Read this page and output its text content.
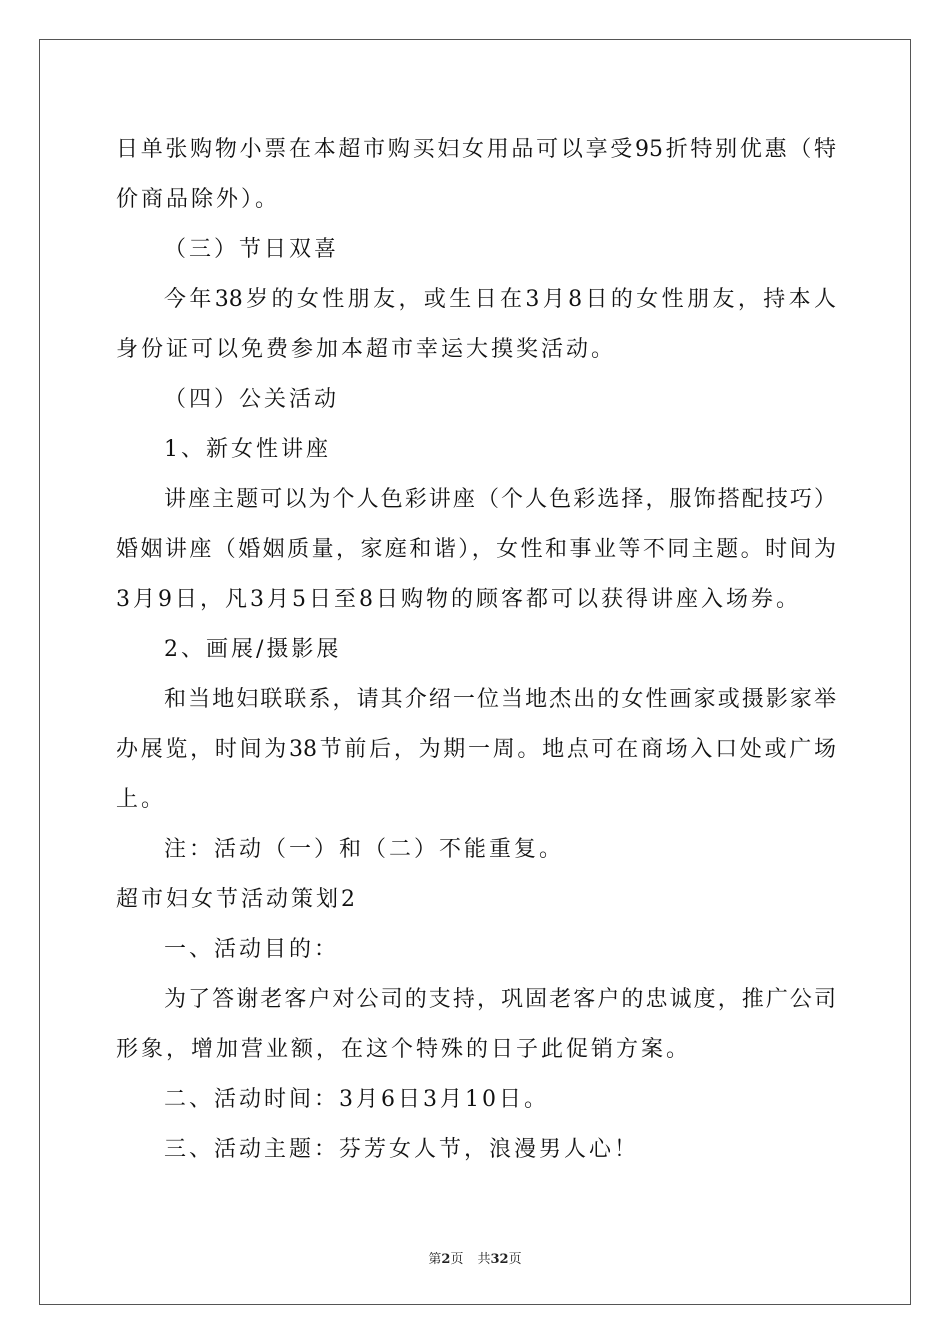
日单张购物小票在本超市购买妇女用品可以享受95折特别优惠（特
价商品除外）。
（三）节日双喜
今年38岁的女性朋友，或生日在3月8日的女性朋友，持本人
身份证可以免费参加本超市幸运大摸奖活动。
（四）公关活动
1、新女性讲座
讲座主题可以为个人色彩讲座（个人色彩选择，服饰搭配技巧）
婚姻讲座（婚姻质量，家庭和谐），女性和事业等不同主题。时间为
3月9日，凡3月5日至8日购物的顾客都可以获得讲座入场券。
2、画展/摄影展
和当地妇联联系，请其介绍一位当地杰出的女性画家或摄影家举
办展览，时间为38节前后，为期一周。地点可在商场入口处或广场
上。
注：活动（一）和（二）不能重复。
超市妇女节活动策划2
一、活动目的：
为了答谢老客户对公司的支持，巩固老客户的忠诚度，推广公司
形象，增加营业额，在这个特殊的日子此促销方案。
二、活动时间：3月6日3月10日。
三、活动主题：芬芳女人节，浪漫男人心！
第2页 共32页
